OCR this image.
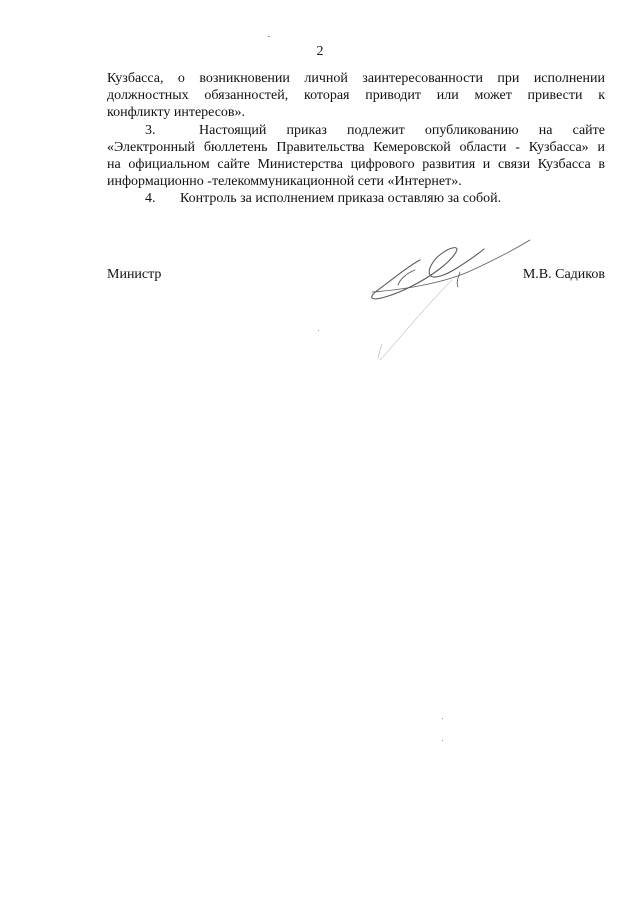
2

Кузбасса, о возникновении личной заинтересованности при исполнении

должностных обязанностей, которая приводит или может привести к

конфликту интересов».

3.	Настоящий приказ подлежит опубликованию на сайте

«Электронный бюллетень Правительства Кемеровской области - Кузбасса» и

на официальном сайте Министерства цифрового развития и связи Кузбасса в

информационно -телекоммуникационной сети «Интернет».

4. Контроль за исполнением приказа оставляю за собой.

Министр	М.В. Садиков
